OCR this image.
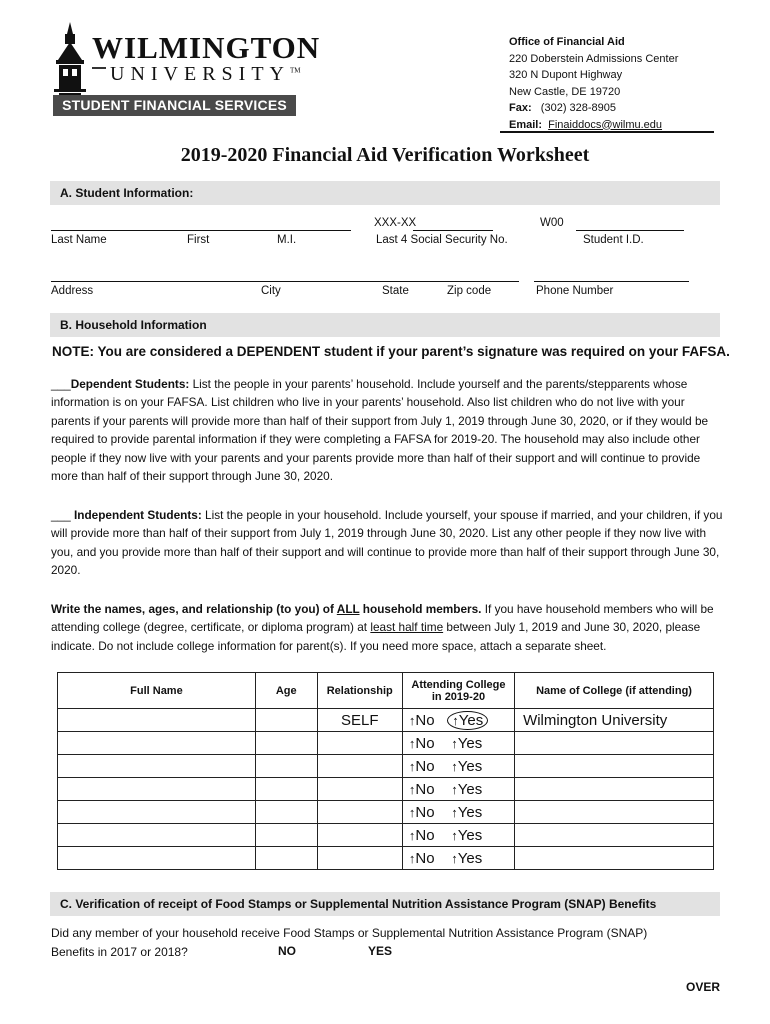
WILMINGTON
UNIVERSITY™
STUDENT FINANCIAL SERVICES
Office of Financial Aid
220 Doberstein Admissions Center
320 N Dupont Highway
New Castle, DE 19720
Fax: (302) 328-8905
Email: Finaiddocs@wilmu.edu
2019-2020 Financial Aid Verification Worksheet
A. Student Information:
XXX-XX	W00
Last Name	First	M.I.	Last 4 Social Security No.	Student I.D.
Address	City	State	Zip code	Phone Number
B. Household Information
NOTE: You are considered a DEPENDENT student if your parent’s signature was required on your FAFSA.
___Dependent Students: List the people in your parents’ household. Include yourself and the parents/stepparents whose information is on your FAFSA. List children who live in your parents’ household. Also list children who do not live with your parents if your parents will provide more than half of their support from July 1, 2019 through June 30, 2020, or if they would be required to provide parental information if they were completing a FAFSA for 2019-20. The household may also include other people if they now live with your parents and your parents provide more than half of their support and will continue to provide more than half of their support through June 30, 2020.
___ Independent Students: List the people in your household. Include yourself, your spouse if married, and your children, if you will provide more than half of their support from July 1, 2019 through June 30, 2020. List any other people if they now live with you, and you provide more than half of their support and will continue to provide more than half of their support through June 30, 2020.
Write the names, ages, and relationship (to you) of ALL household members. If you have household members who will be attending college (degree, certificate, or diploma program) at least half time between July 1, 2019 and June 30, 2020, please indicate. Do not include college information for parent(s). If you need more space, attach a separate sheet.
Full Name	Age	Relationship	Attending College in 2019-20	Name of College (if attending)
		SELF	↑No ↑Yes	Wilmington University
			↑No ↑Yes	
			↑No ↑Yes	
			↑No ↑Yes	
			↑No ↑Yes	
			↑No ↑Yes	
			↑No ↑Yes	
C. Verification of receipt of Food Stamps or Supplemental Nutrition Assistance Program (SNAP) Benefits
Did any member of your household receive Food Stamps or Supplemental Nutrition Assistance Program (SNAP) Benefits in 2017 or 2018?	NO	YES
OVER
